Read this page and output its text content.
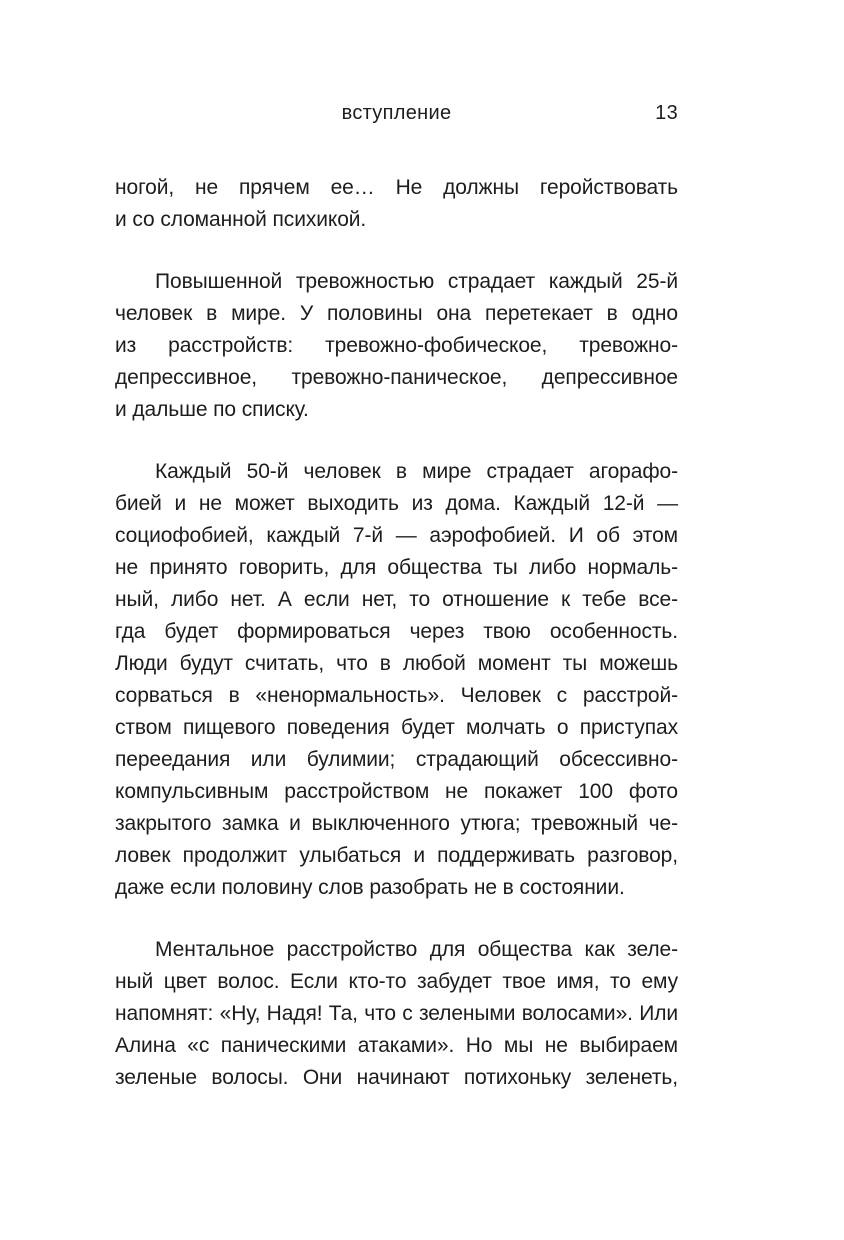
вступление	13
ногой, не прячем ее… Не должны геройствовать
и со сломанной психикой.
Повышенной тревожностью страдает каждый 25-й
человек в мире. У половины она перетекает в одно
из расстройств: тревожно-фобическое, тревожно-
депрессивное, тревожно-паническое, депрессивное
и дальше по списку.
Каждый 50-й человек в мире страдает агорафо-
бией и не может выходить из дома. Каждый 12-й —
социофобией, каждый 7-й — аэрофобией. И об этом
не принято говорить, для общества ты либо нормаль-
ный, либо нет. А если нет, то отношение к тебе все-
гда будет формироваться через твою особенность.
Люди будут считать, что в любой момент ты можешь
сорваться в «ненормальность». Человек с расстрой-
ством пищевого поведения будет молчать о приступах
переедания или булимии; страдающий обсессивно-
компульсивным расстройством не покажет 100 фото
закрытого замка и выключенного утюга; тревожный че-
ловек продолжит улыбаться и поддерживать разговор,
даже если половину слов разобрать не в состоянии.
Ментальное расстройство для общества как зеле-
ный цвет волос. Если кто-то забудет твое имя, то ему
напомнят: «Ну, Надя! Та, что с зелеными волосами». Или
Алина «с паническими атаками». Но мы не выбираем
зеленые волосы. Они начинают потихоньку зеленеть,
